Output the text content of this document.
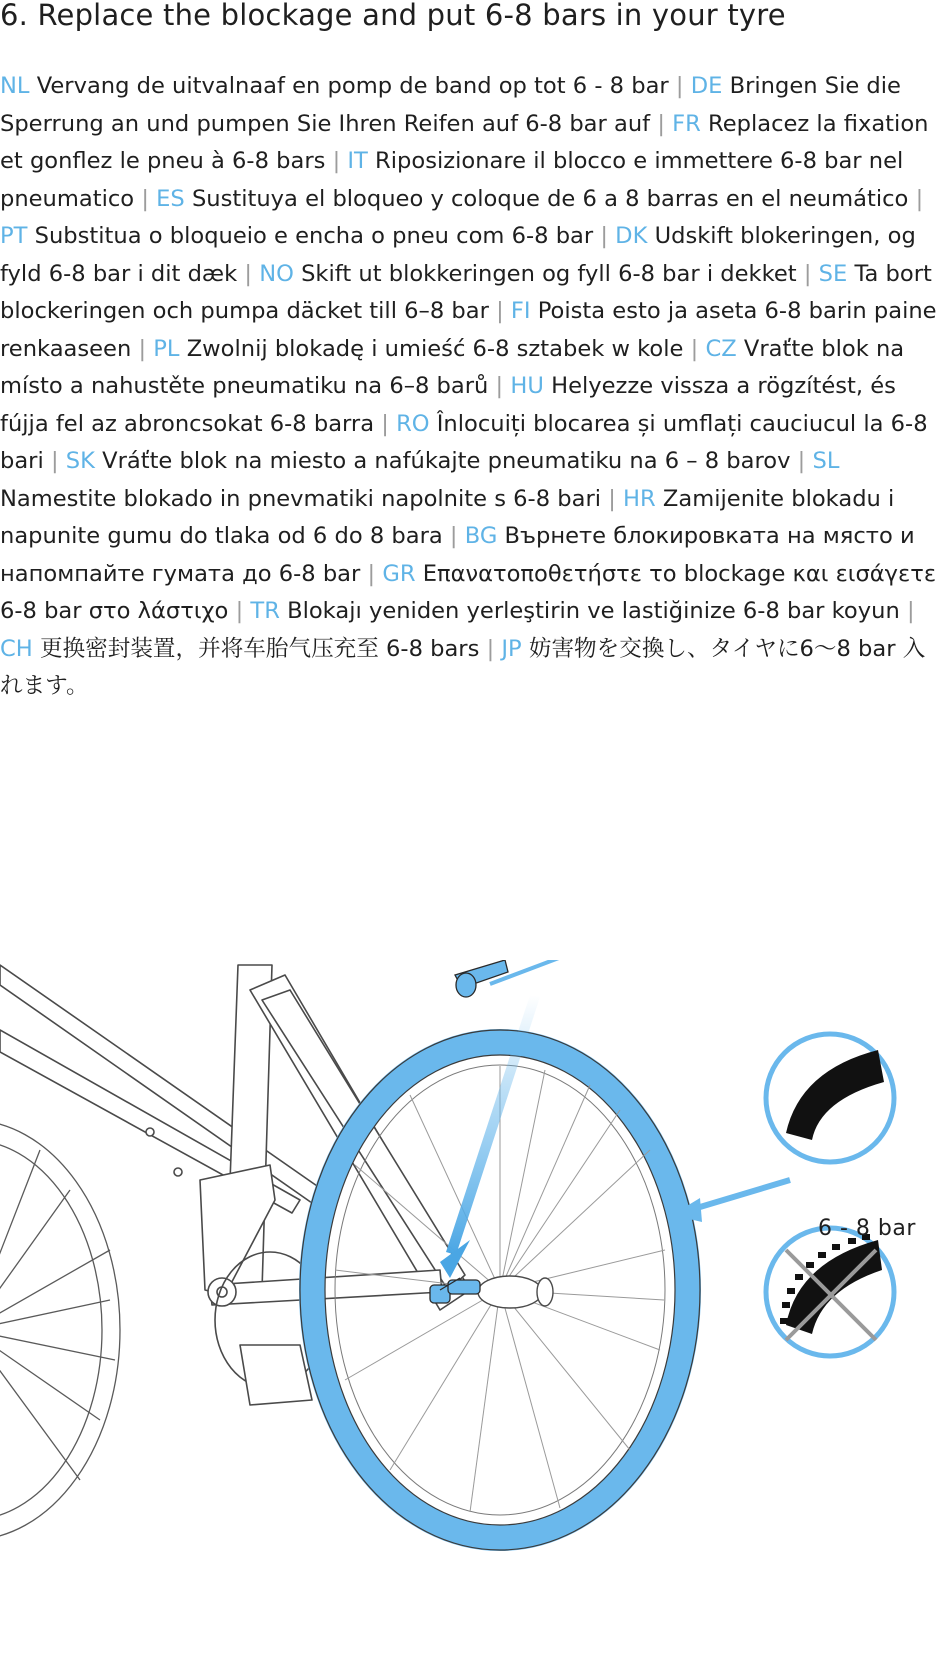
6. Replace the blockage and put 6-8 bars in your tyre
NL Vervang de uitvalnaaf en pomp de band op tot 6 - 8 bar | DE Bringen Sie die Sperrung an und pumpen Sie Ihren Reifen auf 6-8 bar auf | FR Replacez la fixation et gonflez le pneu à 6-8 bars | IT Riposizionare il blocco e immettere 6-8 bar nel pneumatico | ES Sustituya el bloqueo y coloque de 6 a 8 barras en el neumático | PT Substitua o bloqueio e encha o pneu com 6-8 bar | DK Udskift blokeringen, og fyld 6-8 bar i dit dæk | NO Skift ut blokkeringen og fyll 6-8 bar i dekket | SE Ta bort blockeringen och pumpa däcket till 6–8 bar | FI Poista esto ja aseta 6-8 barin paine renkaaseen | PL Zwolnij blokadę i umieść 6-8 sztabek w kole | CZ Vraťte blok na místo a nahustěte pneumatiku na 6–8 barů | HU Helyezze vissza a rögzítést, és fújja fel az abroncsokat 6-8 barra | RO Înlocuiți blocarea și umflați cauciucul la 6-8 bari | SK Vráťte blok na miesto a nafúkajte pneumatiku na 6 – 8 barov | SL Namestite blokado in pnevmatiki napolnite s 6-8 bari | HR Zamijenite blokadu i napunite gumu do tlaka od 6 do 8 bara | BG Върнете блокировката на място и напомпайте гумата до 6-8 bar | GR Επανατοποθετήστε το blockage και εισάγετε 6-8 bar στο λάστιχο | TR Blokajı yeniden yerleştirin ve lastiğinize 6-8 bar koyun | CH 更换密封装置，并将车胎气压充至 6-8 bars | JP 妨害物を交換し、タイヤに6〜8 bar 入れます。
6 - 8 bar
